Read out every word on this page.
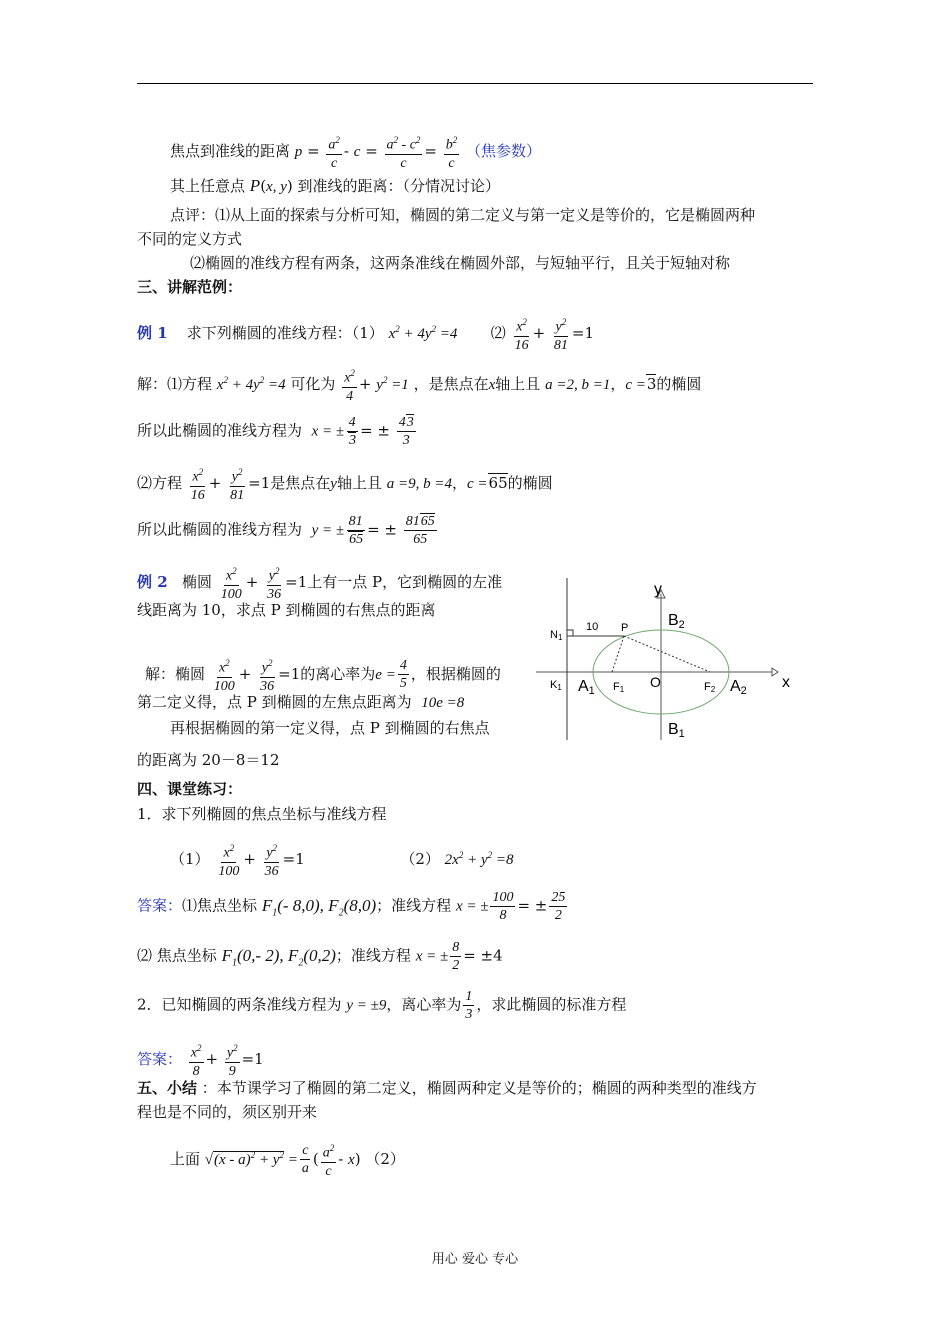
焦点到准线的距离 $p = \frac{a^2}{c} - c = \frac{a^2 - c^2}{c} = \frac{b^2}{c}$ （焦参数）
其上任意点 P(x, y) 到准线的距离：（分情况讨论）
点评：⑴从上面的探索与分析可知，椭圆的第二定义与第一定义是等价的，它是椭圆两种
不同的定义方式
⑵椭圆的准线方程有两条，这两条准线在椭圆外部，与短轴平行，且关于短轴对称
三、讲解范例：
例 1 求下列椭圆的准线方程：（1） $x^2 + 4y^2 =4$       ⑵ $\frac{x^2}{16} + \frac{y^2}{81} =1$
解：⑴方程 $x^2 + 4y^2 =4$ 可化为 $\frac{x^2}{4} + y^2 =1$ ，是焦点在x轴上且 a =2, b =1，c =3的椭圆
所以此椭圆的准线方程为 x = ± $\frac{4}{3}$ = ± $\frac{43}{3}$
⑵方程 $\frac{x^2}{16} + \frac{y^2}{81} =1$是焦点在y轴上且 a =9, b =4，c =65的椭圆
所以此椭圆的准线方程为 y = ± $\frac{81}{65}$ = ± $\frac{8165}{65}$
例 2 椭圆 $\frac{x^2}{100} + \frac{y^2}{36} =1$上有一点 P，它到椭圆的左准
线距离为 10，求点 P 到椭圆的右焦点的距离
解：椭圆 $\frac{x^2}{100} + \frac{y^2}{36} =1$的离心率为$e = \frac{4}{5}$ ，根据椭圆的
第二定义得，点 P 到椭圆的左焦点距离为 10e =8
再根据椭圆的第一定义得，点 P 到椭圆的右焦点
的距离为 20－8＝12
y
x
B2
B1
A1	A2
F1	F2
N1
K1	O
P
10
四、课堂练习：
1．求下列椭圆的焦点坐标与准线方程
$(1) \frac{x^2}{100} + \frac{y^2}{36} =1$	（2） $2x^2 + y^2 =8$
答案：⑴焦点坐标 $F_1(-$ 8,0), $F_2(8,0)$；准线方程 x = ± $\frac{100}{8}$ = ± $\frac{25}{2}$
⑵ 焦点坐标 $F_1(0,-$ 2), $F_2(0,2)$；准线方程 x = ± $\frac{8}{2} = \pm 4$
2．已知椭圆的两条准线方程为 y = ±9，离心率为 $\frac{1}{3}$ ，求此椭圆的标准方程
答案： $\frac{x^2}{8} + \frac{y^2}{9} =1$
五、小结 ：本节课学习了椭圆的第二定义，椭圆两种定义是等价的；椭圆的两种类型的准线方
程也是不同的，须区别开来
上面 $√(x - a)^2 + y^2 = \frac{c}{a}$ ( $\frac{a^2}{c} - x$) （2）
用心 爱心 专心
